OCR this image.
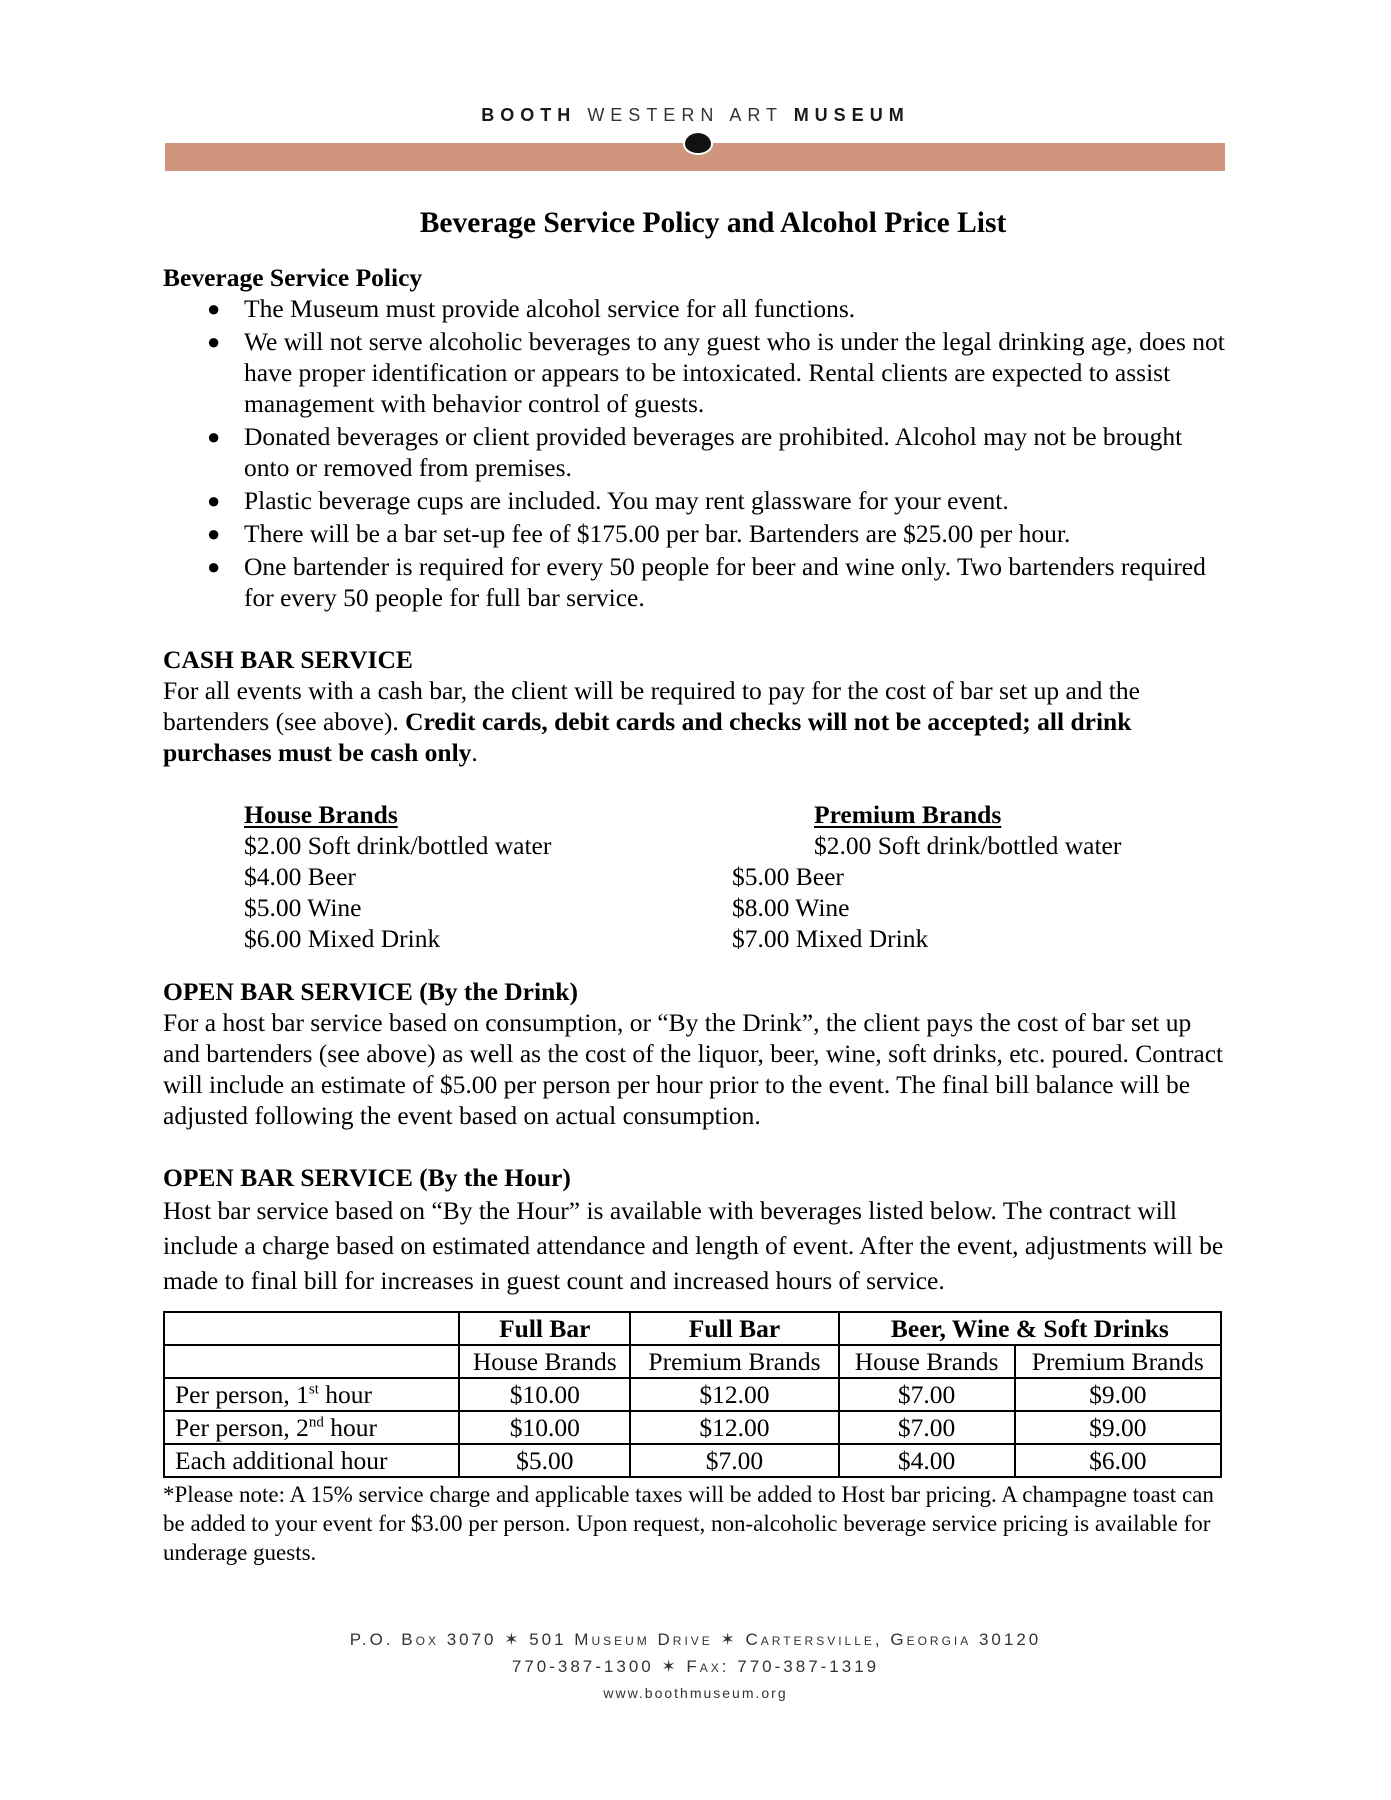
BOOTH WESTERN ART MUSEUM
Beverage Service Policy and Alcohol Price List
Beverage Service Policy
● The Museum must provide alcohol service for all functions.
● We will not serve alcoholic beverages to any guest who is under the legal drinking age, does not have proper identification or appears to be intoxicated. Rental clients are expected to assist management with behavior control of guests.
● Donated beverages or client provided beverages are prohibited. Alcohol may not be brought onto or removed from premises.
● Plastic beverage cups are included. You may rent glassware for your event.
● There will be a bar set-up fee of $175.00 per bar. Bartenders are $25.00 per hour.
● One bartender is required for every 50 people for beer and wine only. Two bartenders required for every 50 people for full bar service.
CASH BAR SERVICE

For all events with a cash bar, the client will be required to pay for the cost of bar set up and the bartenders (see above). Credit cards, debit cards and checks will not be accepted; all drink purchases must be cash only.

House Brands
$2.00 Soft drink/bottled water
$4.00 Beer
$5.00 Wine
$6.00 Mixed Drink
Premium Brands
$2.00 Soft drink/bottled water
$5.00 Beer
$8.00 Wine
$7.00 Mixed Drink
OPEN BAR SERVICE (By the Drink)

For a host bar service based on consumption, or “By the Drink”, the client pays the cost of bar set up and bartenders (see above) as well as the cost of the liquor, beer, wine, soft drinks, etc. poured. Contract will include an estimate of $5.00 per person per hour prior to the event. The final bill balance will be adjusted following the event based on actual consumption.

OPEN BAR SERVICE (By the Hour)

Host bar service based on “By the Hour” is available with beverages listed below. The contract will include a charge based on estimated attendance and length of event. After the event, adjustments will be made to final bill for increases in guest count and increased hours of service.

	Full Bar	Full Bar	Beer, Wine & Soft Drinks	
	House Brands	Premium Brands	House Brands	Premium Brands
Per person, 1st hour	$10.00	$12.00	$7.00	$9.00
Per person, 2nd hour	$10.00	$12.00	$7.00	$9.00
Each additional hour	$5.00	$7.00	$4.00	$6.00

*Please note: A 15% service charge and applicable taxes will be added to Host bar pricing. A champagne toast can be added to your event for $3.00 per person. Upon request, non-alcoholic beverage service pricing is available for underage guests.

P.O. Box 3070 ✶ 501 Museum Drive ✶ Cartersville, Georgia 30120
770-387-1300 ✶ Fax: 770-387-1319
www.boothmuseum.org
